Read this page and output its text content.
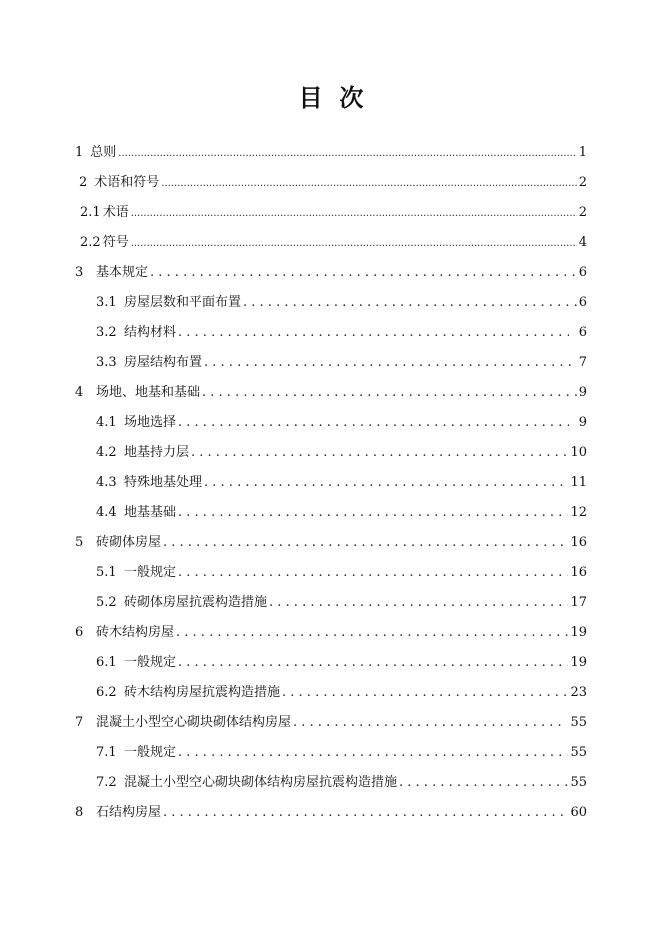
目  次
1 总则 .....	1
2 术语和符号 .....	2
2.1 术语 .....	2
2.2 符号 .....	4
3 基本规定 . . .	6
3.1 房屋层数和平面布置 . . .	6
3.2 结构材料 . . .	6
3.3 房屋结构布置 . . .	7
4 场地、地基和基础 . . .	9
4.1 场地选择 . . .	9
4.2 地基持力层 . . .	10
4.3 特殊地基处理 . . .	11
4.4 地基基础 . . .	12
5 砖砌体房屋 . . .	16
5.1 一般规定 . . .	16
5.2 砖砌体房屋抗震构造措施 . . .	17
6 砖木结构房屋 . . .	19
6.1 一般规定 . . .	19
6.2 砖木结构房屋抗震构造措施 . . .	23
7 混凝土小型空心砌块砌体结构房屋 . . .	55
7.1 一般规定 . . .	55
7.2 混凝土小型空心砌块砌体结构房屋抗震构造措施 . . .	55
8 石结构房屋 . . .	60
